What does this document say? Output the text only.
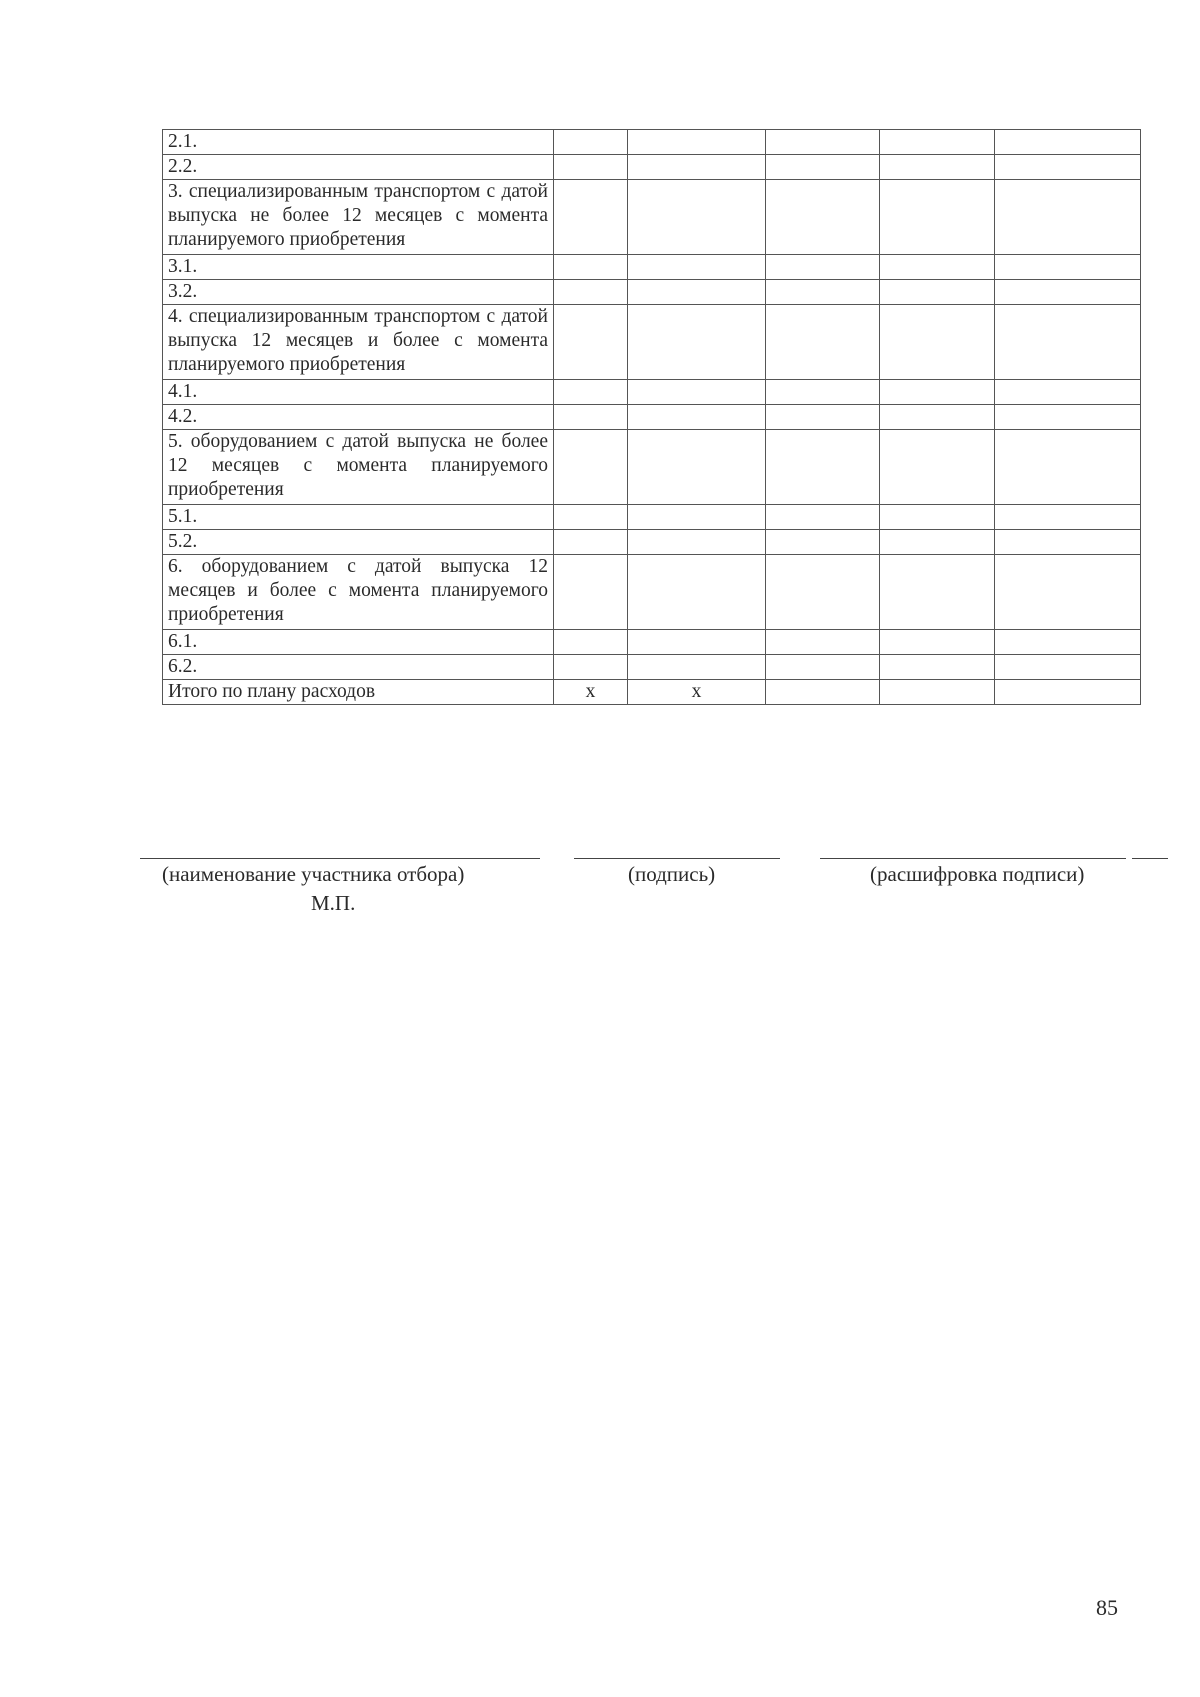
2.1.					
2.2.					
3. специализированным транспортом с датой выпуска не более 12 месяцев с момента планируемого приобретения					
3.1.					
3.2.					
4. специализированным транспортом с датой выпуска 12 месяцев и более с момента планируемого приобретения					
4.1.					
4.2.					
5. оборудованием с датой выпуска не более 12 месяцев с момента планируемого приобретения					
5.1.					
5.2.					
6. оборудованием с датой выпуска 12 месяцев и более с момента планируемого приобретения					
6.1.					
6.2.					
Итого по плану расходов	x	x			
(наименование участника отбора)	(подпись)	(расшифровка подписи)
М.П.
85
